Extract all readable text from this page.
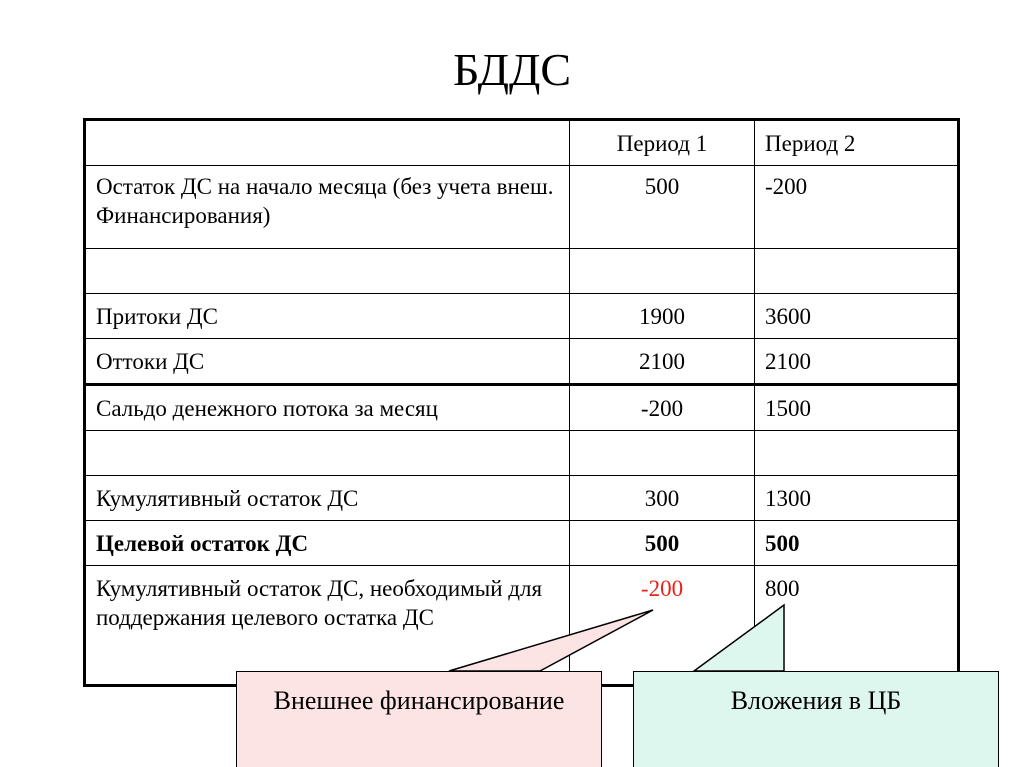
БДДС
	Период 1	Период 2
Остаток ДС на начало месяца (без учета внеш. Финансирования)	500	-200

Притоки ДС	1900	3600
Оттоки ДС	2100	2100
Сальдо денежного потока за месяц	-200	1500

Кумулятивный остаток ДС	300	1300
Целевой остаток ДС	500	500
Кумулятивный остаток ДС, необходимый для поддержания целевого остатка ДС	-200	800
Внешнее финансирование	Вложения в ЦБ
